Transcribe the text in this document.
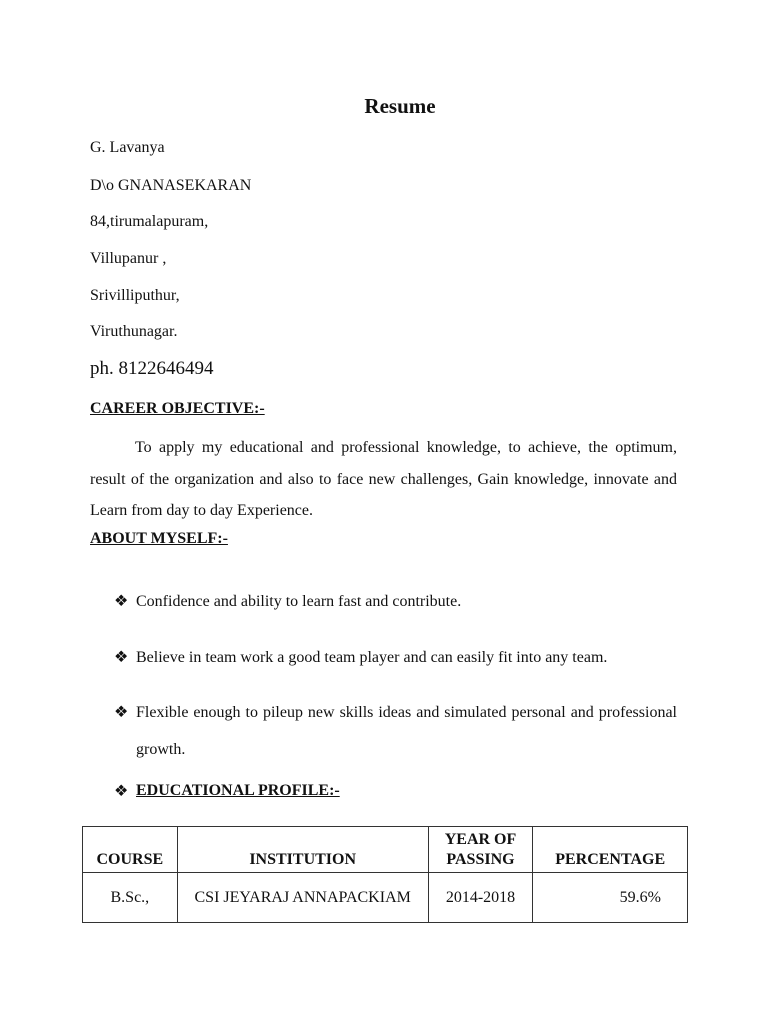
Resume
G. Lavanya
D\o GNANASEKARAN
84,tirumalapuram,
Villupanur ,
Srivilliputhur,
Viruthunagar.
ph. 8122646494
CAREER OBJECTIVE:-
To apply my educational and professional knowledge, to achieve, the optimum, result of the organization and also to face new challenges, Gain knowledge, innovate and Learn from day to day Experience.
ABOUT MYSELF:-
❖ Confidence and ability to learn fast and contribute.
❖ Believe in team work a good team player and can easily fit into any team.
❖ Flexible enough to pileup new skills ideas and simulated personal and professional growth.
❖ EDUCATIONAL PROFILE:-
COURSE	INSTITUTION	YEAR OF PASSING	PERCENTAGE
B.Sc.,	CSI JEYARAJ ANNAPACKIAM	2014-2018	59.6%
